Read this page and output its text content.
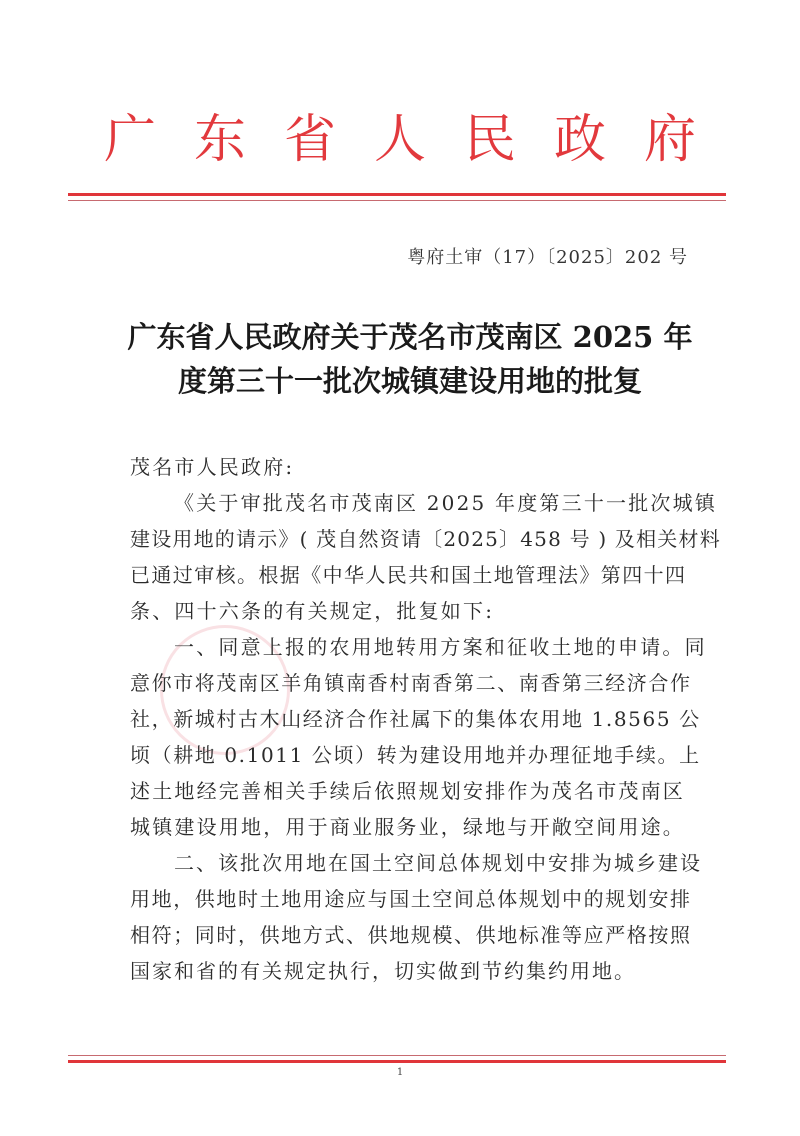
广 东 省 人 民 政 府
粤府土审（17）〔2025〕202 号
广东省人民政府关于茂名市茂南区 2025 年
度第三十一批次城镇建设用地的批复
茂名市人民政府:
《关于审批茂名市茂南区 2025 年度第三十一批次城镇
建设用地的请示》( 茂自然资请〔2025〕458 号 ) 及相关材料
已通过审核。根据《中华人民共和国土地管理法》第四十四
条、四十六条的有关规定，批复如下:
一、同意上报的农用地转用方案和征收土地的申请。同
意你市将茂南区羊角镇南香村南香第二、南香第三经济合作
社，新城村古木山经济合作社属下的集体农用地 1.8565 公
顷（耕地 0.1011 公顷）转为建设用地并办理征地手续。上
述土地经完善相关手续后依照规划安排作为茂名市茂南区
城镇建设用地，用于商业服务业，绿地与开敞空间用途。
二、该批次用地在国土空间总体规划中安排为城乡建设
用地，供地时土地用途应与国土空间总体规划中的规划安排
相符；同时，供地方式、供地规模、供地标准等应严格按照
国家和省的有关规定执行，切实做到节约集约用地。
1
